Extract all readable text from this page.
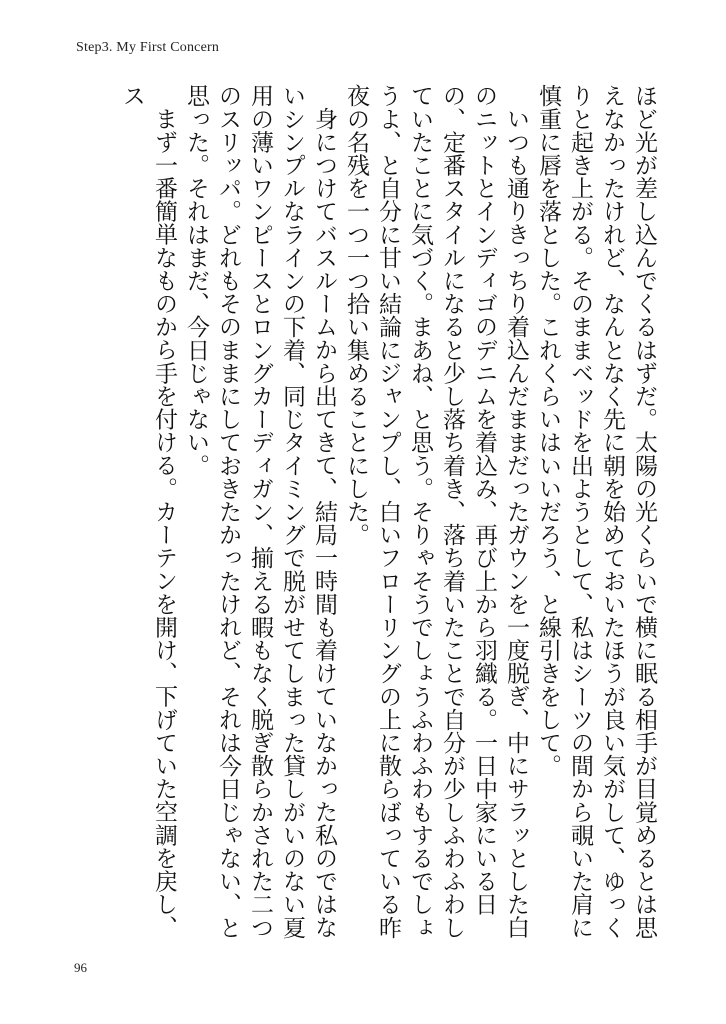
Step3. My First Concern

ほど光が差し込んでくるはずだ。太陽の光くらいで横に眠る相手が目覚めるとは思えなかったけれど、なんとなく先に朝を始めておいたほうが良い気がして、ゆっくりと起き上がる。そのままベッドを出ようとして、私はシーツの間から覗いた肩に慎重に唇を落とした。これくらいはいいだろう、と線引きをして。

いつも通りきっちり着込んだままだったガウンを一度脱ぎ、中にサラッとした白のニットとインディゴのデニムを着込み、再び上から羽織る。一日中家にいる日の、定番スタイルになると少し落ち着き、落ち着いたことで自分が少しふわふわしていたことに気づく。まあね、と思う。そりゃそうでしょうふわふわもするでしょうよ、と自分に甘い結論にジャンプし、白いフローリングの上に散らばっている昨夜の名残を一つ一つ拾い集めることにした。

身につけてバスルームから出てきて、結局一時間も着けていなかった私のではないシンプルなラインの下着、同じタイミングで脱がせてしまった貸しがいのない夏用の薄いワンピースとロングカーディガン、揃える暇もなく脱ぎ散らかされた二つのスリッパ。どれもそのままにしておきたかったけれど、それは今日じゃない、と思った。それはまだ、今日じゃない。

まず一番簡単なものから手を付ける。カーテンを開け、下げていた空調を戻し、ス

96
